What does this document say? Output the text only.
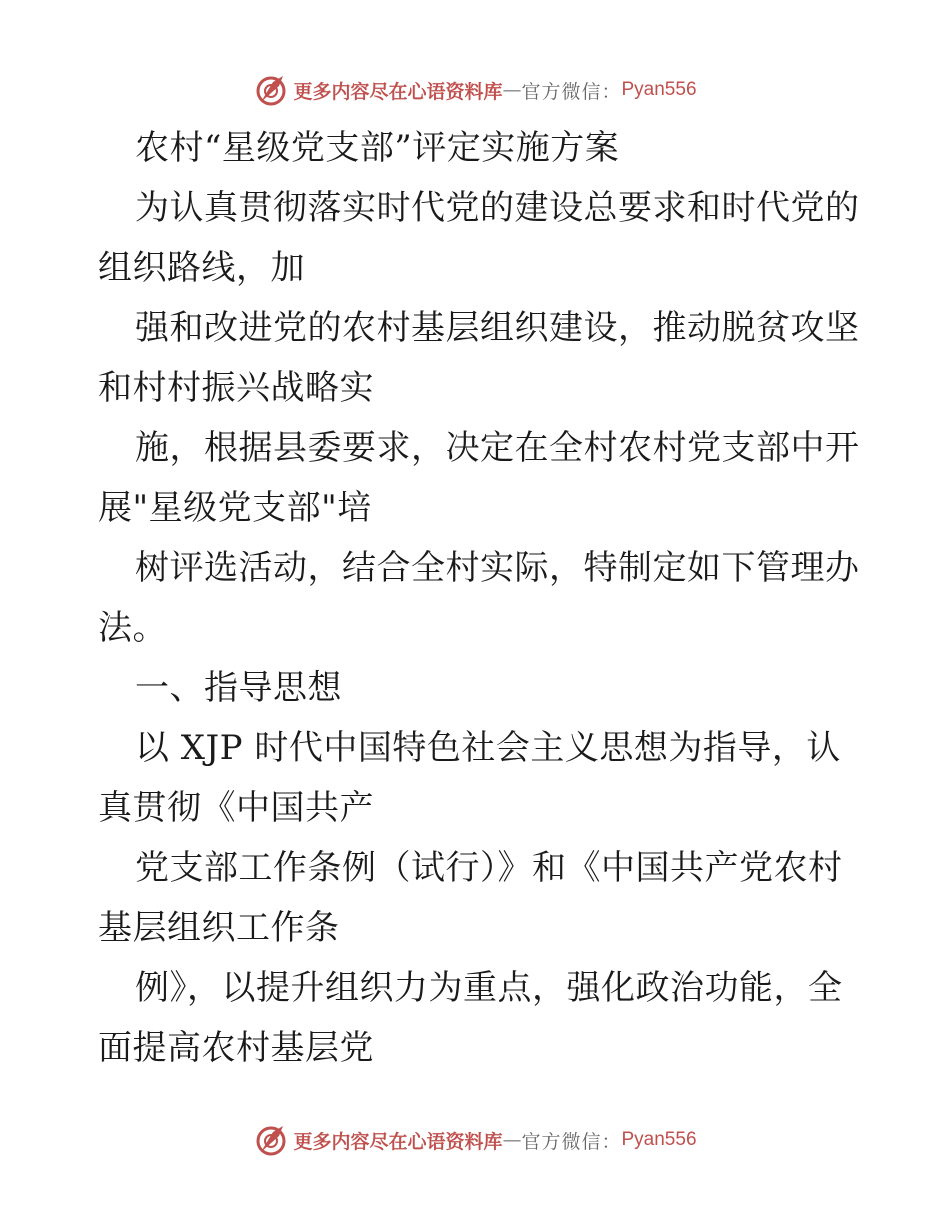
更多内容尽在心语资料库 — 官方微信： Pyan556
农村“星级党支部”评定实施方案
为认真贯彻落实时代党的建设总要求和时代党的
组织路线，加
强和改进党的农村基层组织建设，推动脱贫攻坚
和村村振兴战略实
施，根据县委要求，决定在全村农村党支部中开
展"星级党支部"培
树评选活动，结合全村实际，特制定如下管理办
法。
一、指导思想
以 XJP 时代中国特色社会主义思想为指导，认
真贯彻《中国共产
党支部工作条例（试行）》和《中国共产党农村
基层组织工作条
例》，以提升组织力为重点，强化政治功能，全
面提高农村基层党
更多内容尽在心语资料库 — 官方微信： Pyan556
